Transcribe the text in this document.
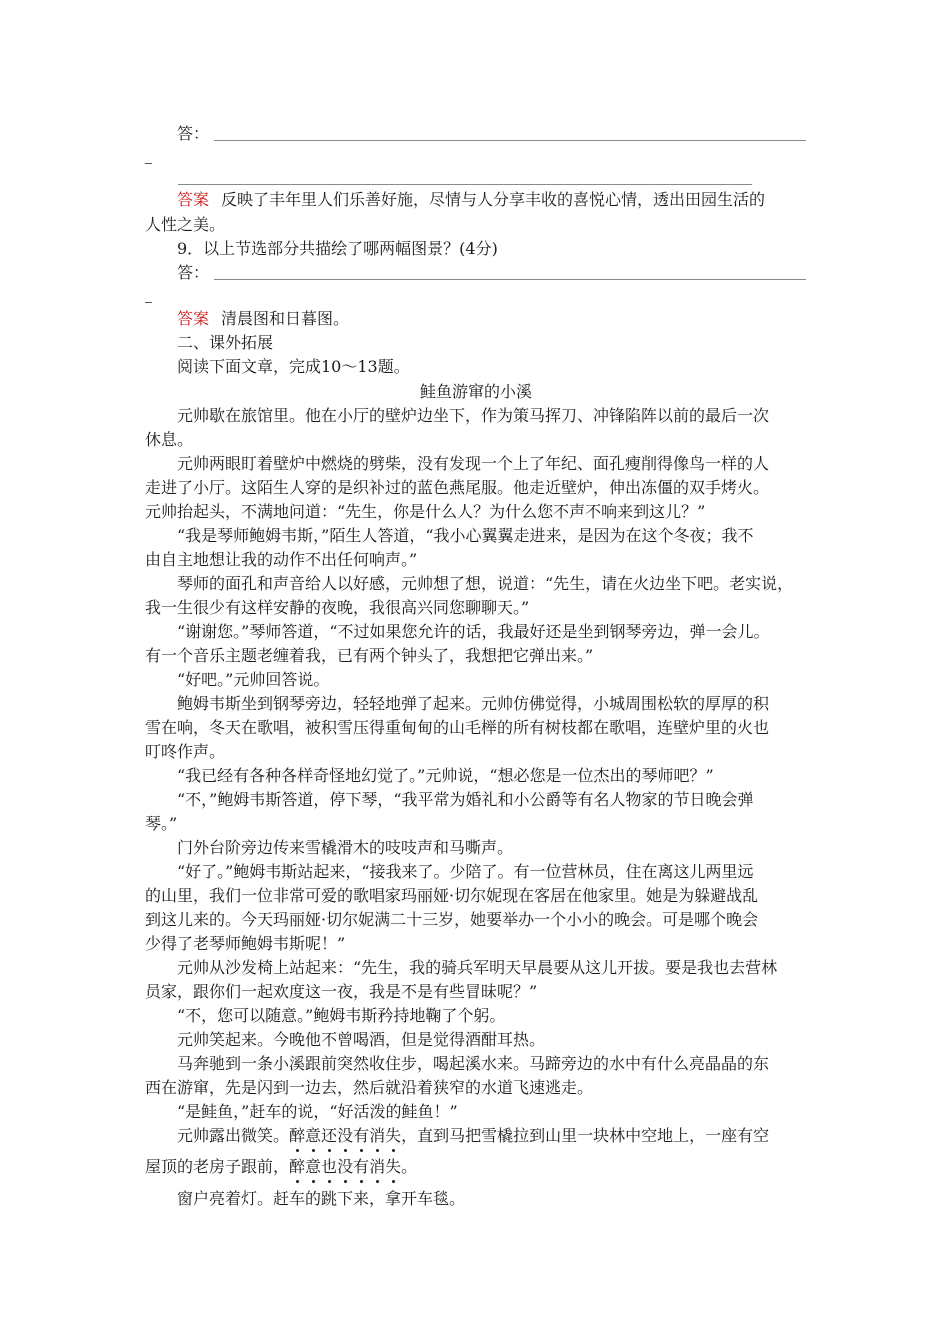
答：
答案 反映了丰年里人们乐善好施，尽情与人分享丰收的喜悦心情，透出田园生活的
人性之美。
9．以上节选部分共描绘了哪两幅图景？(4分)
答：
答案 清晨图和日暮图。
二、课外拓展
阅读下面文章，完成10～13题。
鲑鱼游窜的小溪
元帅歇在旅馆里。他在小厅的壁炉边坐下，作为策马挥刀、冲锋陷阵以前的最后一次
休息。
元帅两眼盯着壁炉中燃烧的劈柴，没有发现一个上了年纪、面孔瘦削得像鸟一样的人
走进了小厅。这陌生人穿的是织补过的蓝色燕尾服。他走近壁炉，伸出冻僵的双手烤火。
元帅抬起头，不满地问道：“先生，你是什么人？为什么您不声不响来到这儿？”
“我是琴师鲍姆韦斯，”陌生人答道，“我小心翼翼走进来，是因为在这个冬夜；我不
由自主地想让我的动作不出任何响声。”
琴师的面孔和声音给人以好感，元帅想了想，说道：“先生，请在火边坐下吧。老实说，
我一生很少有这样安静的夜晚，我很高兴同您聊聊天。”
“谢谢您。”琴师答道，“不过如果您允许的话，我最好还是坐到钢琴旁边，弹一会儿。
有一个音乐主题老缠着我，已有两个钟头了，我想把它弹出来。”
“好吧。”元帅回答说。
鲍姆韦斯坐到钢琴旁边，轻轻地弹了起来。元帅仿佛觉得，小城周围松软的厚厚的积
雪在响，冬天在歌唱，被积雪压得重甸甸的山毛榉的所有树枝都在歌唱，连壁炉里的火也
叮咚作声。
“我已经有各种各样奇怪地幻觉了。”元帅说，“想必您是一位杰出的琴师吧？”
“不，”鲍姆韦斯答道，停下琴，“我平常为婚礼和小公爵等有名人物家的节日晚会弹
琴。”
门外台阶旁边传来雪橇滑木的吱吱声和马嘶声。
“好了。”鲍姆韦斯站起来，“接我来了。少陪了。有一位营林员，住在离这儿两里远
的山里，我们一位非常可爱的歌唱家玛丽娅·切尔妮现在客居在他家里。她是为躲避战乱
到这儿来的。今天玛丽娅·切尔妮满二十三岁，她要举办一个小小的晚会。可是哪个晚会
少得了老琴师鲍姆韦斯呢！”
元帅从沙发椅上站起来：“先生，我的骑兵军明天早晨要从这儿开拔。要是我也去营林
员家，跟你们一起欢度这一夜，我是不是有些冒昧呢？”
“不，您可以随意。”鲍姆韦斯矜持地鞠了个躬。
元帅笑起来。今晚他不曾喝酒，但是觉得酒酣耳热。
马奔驰到一条小溪跟前突然收住步，喝起溪水来。马蹄旁边的水中有什么亮晶晶的东
西在游窜，先是闪到一边去，然后就沿着狭窄的水道飞速逃走。
“是鲑鱼，”赶车的说，“好活泼的鲑鱼！”
元帅露出微笑。醉意还没有消失，直到马把雪橇拉到山里一块林中空地上，一座有空
屋顶的老房子跟前，醉意也没有消失。
窗户亮着灯。赶车的跳下来，拿开车毯。
